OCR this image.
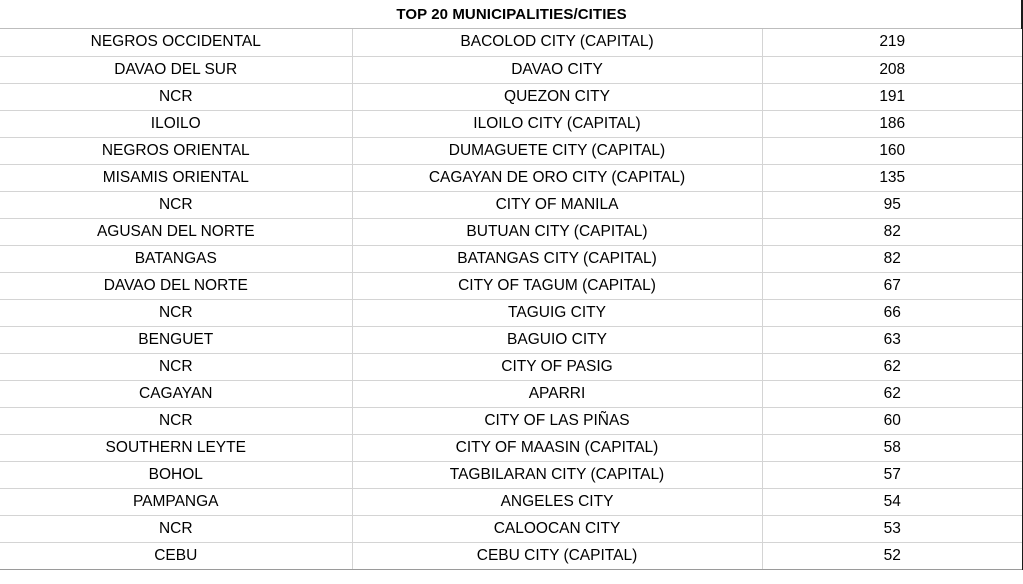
TOP 20 MUNICIPALITIES/CITIES
NEGROS OCCIDENTAL	BACOLOD CITY (CAPITAL)	219
DAVAO DEL SUR	DAVAO CITY	208
NCR	QUEZON CITY	191
ILOILO	ILOILO CITY (CAPITAL)	186
NEGROS ORIENTAL	DUMAGUETE CITY (CAPITAL)	160
MISAMIS ORIENTAL	CAGAYAN DE ORO CITY (CAPITAL)	135
NCR	CITY OF MANILA	95
AGUSAN DEL NORTE	BUTUAN CITY (CAPITAL)	82
BATANGAS	BATANGAS CITY (CAPITAL)	82
DAVAO DEL NORTE	CITY OF TAGUM (CAPITAL)	67
NCR	TAGUIG CITY	66
BENGUET	BAGUIO CITY	63
NCR	CITY OF PASIG	62
CAGAYAN	APARRI	62
NCR	CITY OF LAS PIÑAS	60
SOUTHERN LEYTE	CITY OF MAASIN (CAPITAL)	58
BOHOL	TAGBILARAN CITY (CAPITAL)	57
PAMPANGA	ANGELES CITY	54
NCR	CALOOCAN CITY	53
CEBU	CEBU CITY (CAPITAL)	52
